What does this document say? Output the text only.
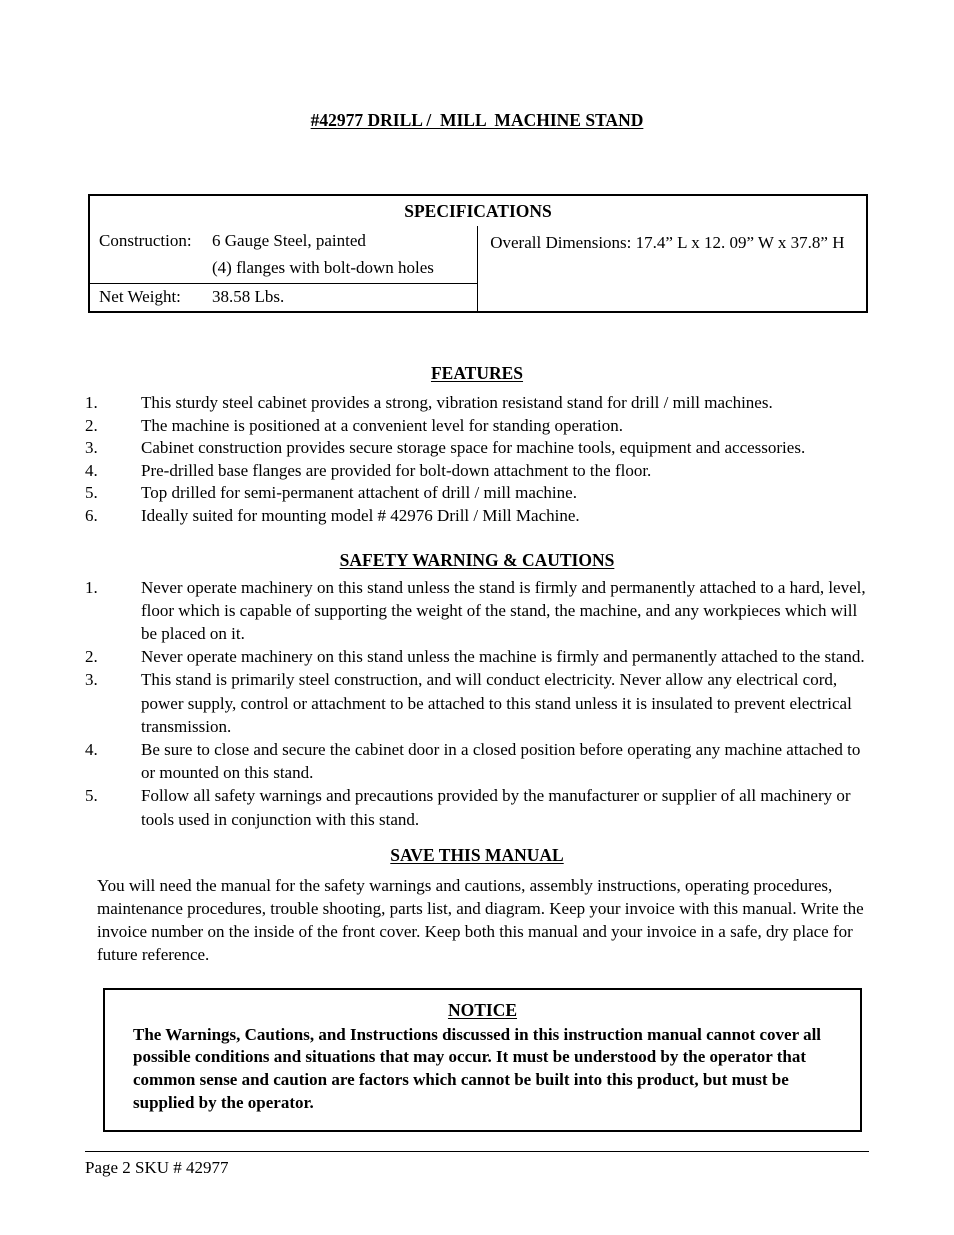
#42977 DRILL /  MILL  MACHINE STAND
SPECIFICATIONS
Construction:	6 Gauge Steel, painted
(4) flanges with bolt-down holes
Net Weight:	38.58 Lbs.
Overall Dimensions: 17.4” L x 12. 09” W x 37.8” H
FEATURES
1.	This sturdy steel cabinet provides a strong, vibration resistand stand for drill / mill machines.
2.	The machine is positioned at a convenient level for standing operation.
3.	Cabinet construction provides secure storage space for machine tools, equipment and accessories.
4.	Pre-drilled base flanges are provided for bolt-down attachment to the floor.
5.	Top drilled for semi-permanent attachent of drill / mill machine.
6.	Ideally suited for mounting model # 42976 Drill / Mill Machine.
SAFETY WARNING & CAUTIONS
1.	Never operate machinery on this stand unless the stand is firmly and permanently attached to a hard, level, floor which is capable of supporting the weight of the stand, the machine, and any workpieces which will be placed on it.
2.	Never operate machinery on this stand unless the machine is firmly and permanently attached to the stand.
3.	This stand is primarily steel construction, and will conduct electricity. Never allow any electrical cord, power supply, control or attachment to be attached to this stand unless it is insulated to prevent electrical transmission.
4.	Be sure to close and secure the cabinet door in a closed position before operating any machine attached to or mounted on this stand.
5.	Follow all safety warnings and precautions provided by the manufacturer or supplier of all machinery or tools used in conjunction with this stand.
SAVE THIS MANUAL
You will need the manual for the safety warnings and cautions, assembly instructions, operating procedures, maintenance procedures, trouble shooting, parts list, and diagram. Keep your invoice with this manual. Write the invoice number on the inside of the front cover. Keep both this manual and your invoice in a safe, dry place for future reference.
NOTICE
The Warnings, Cautions, and Instructions discussed in this instruction manual cannot cover all possible conditions and situations that may occur. It must be understood by the operator that common sense and caution are factors which cannot be built into this product, but must be supplied by the operator.
Page 2 SKU # 42977
